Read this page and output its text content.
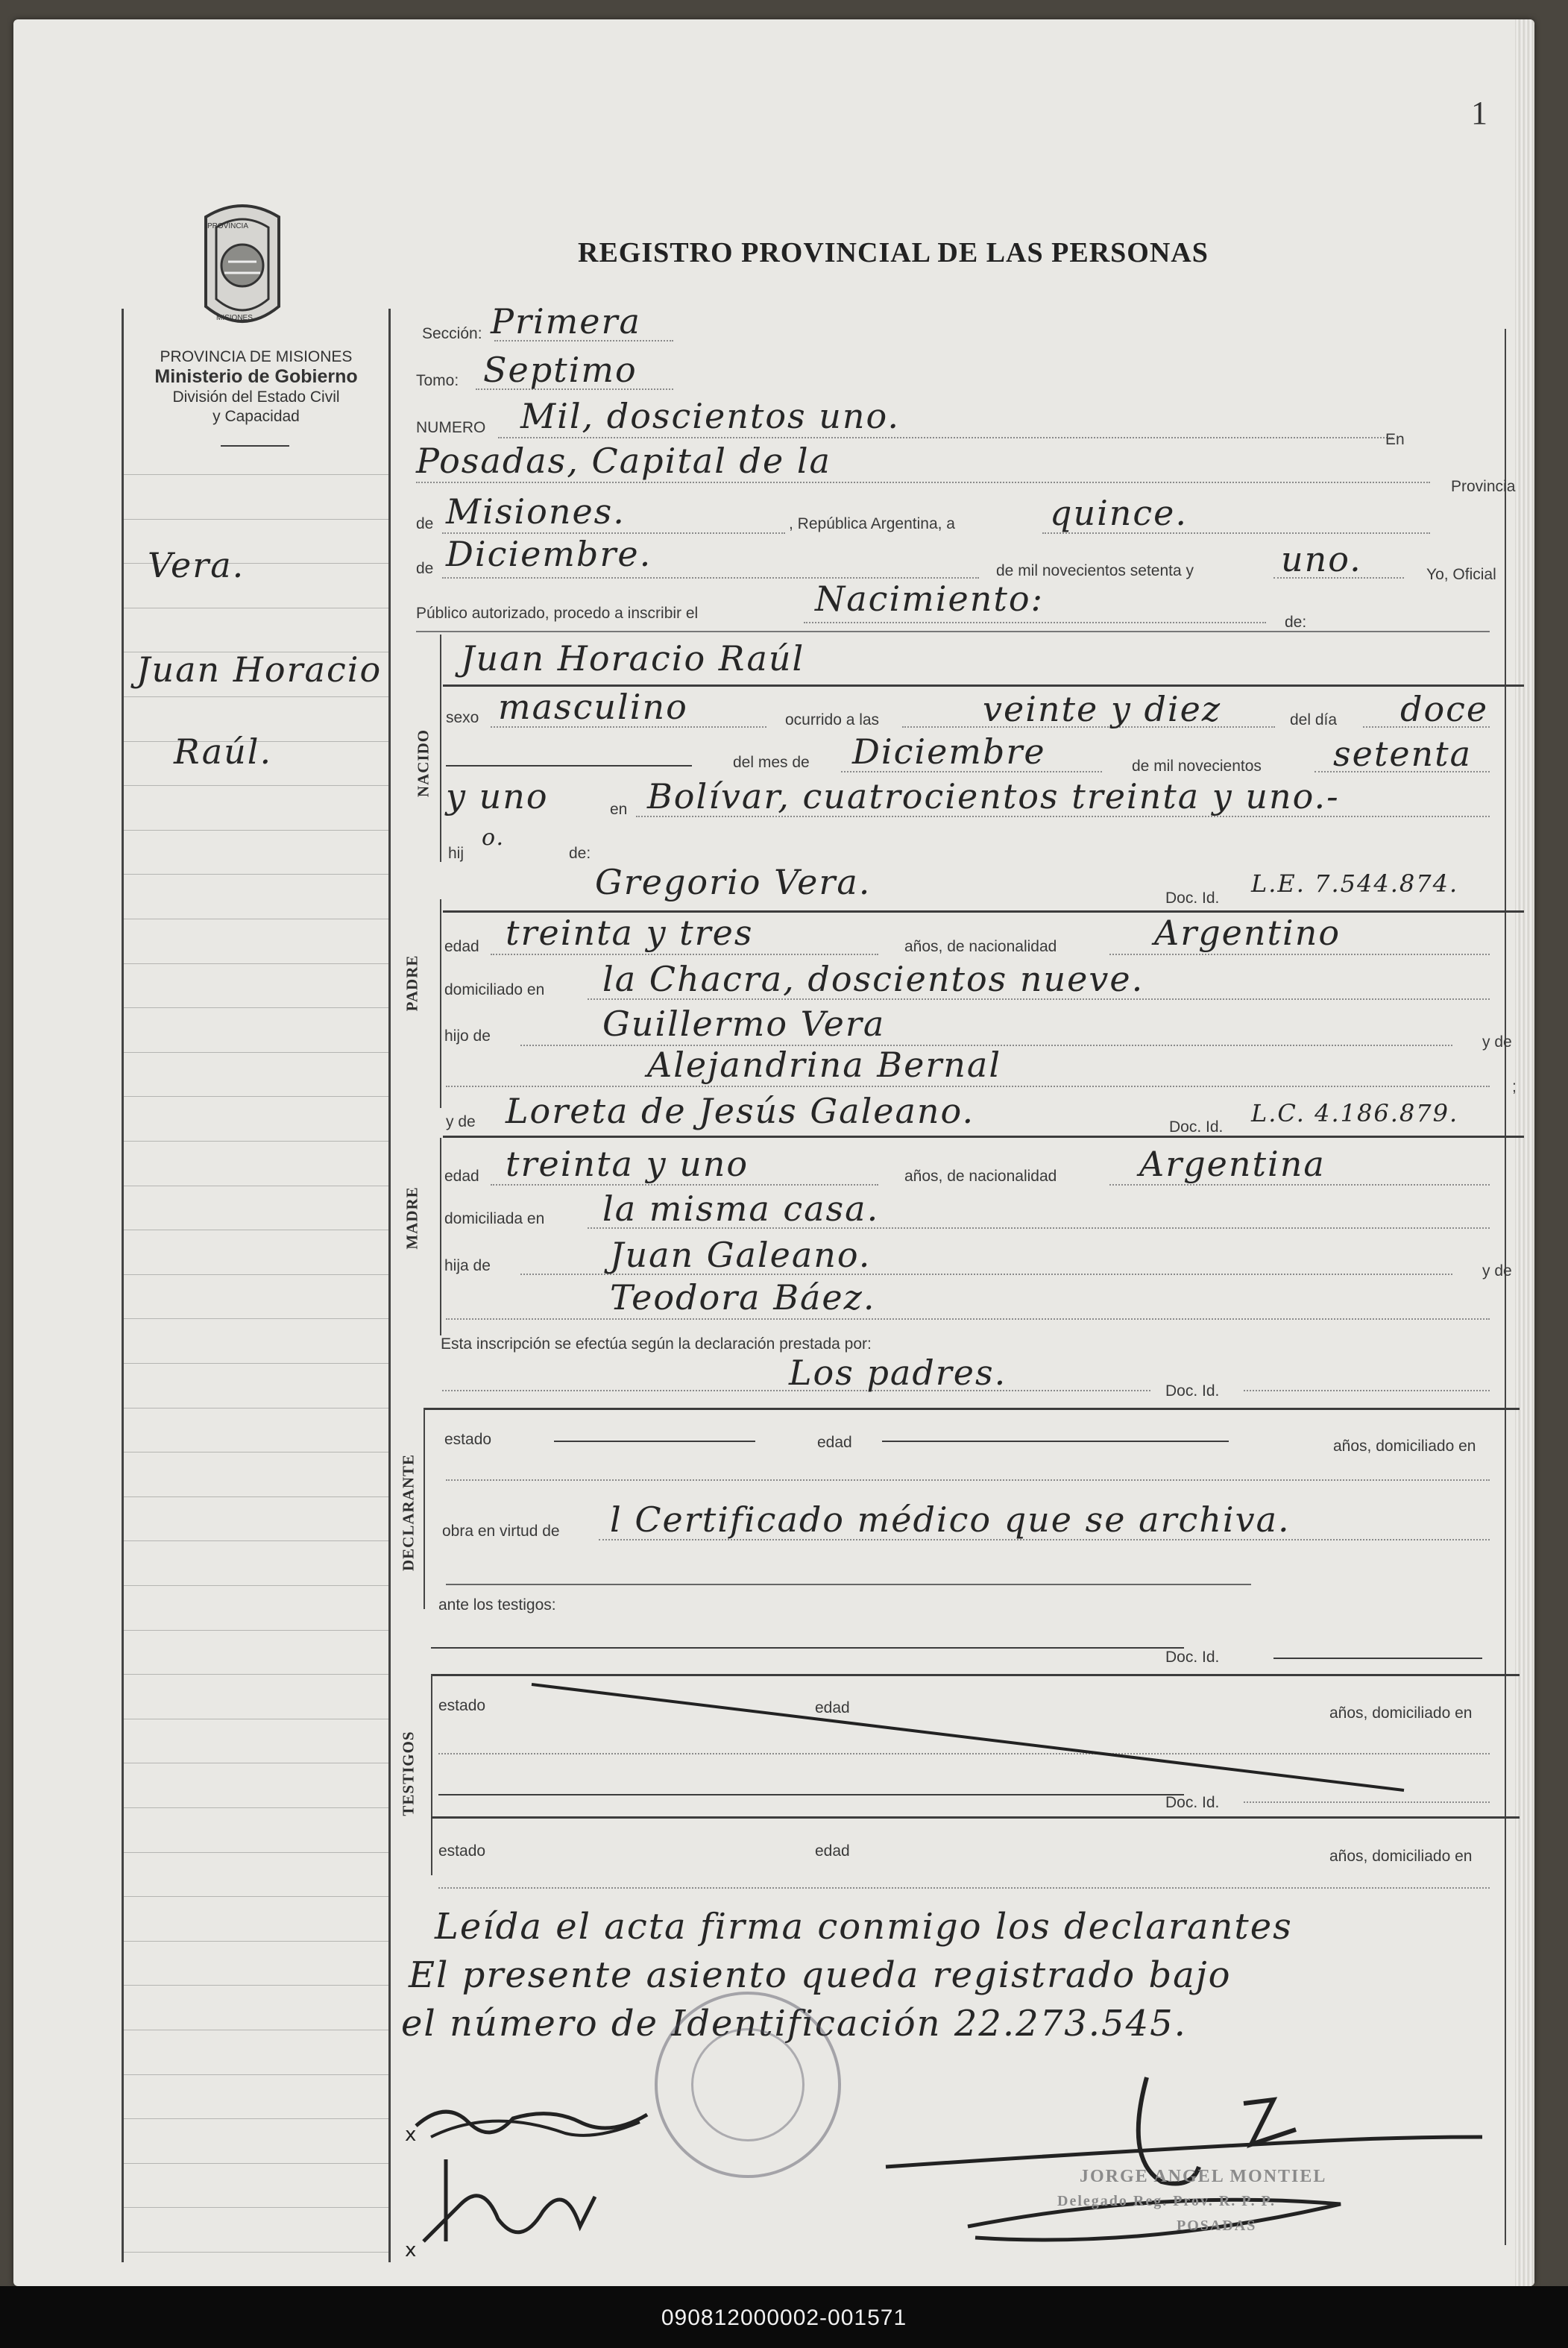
1
PROVINCIA
MISIONES
REGISTRO PROVINCIAL DE LAS PERSONAS
PROVINCIA DE MISIONES
Ministerio de Gobierno
División del Estado Civil
y Capacidad
Vera.
Juan Horacio
Raúl.
Sección: Primera
Tomo: Septimo
NUMERO Mil, doscientos uno.
En
Posadas, Capital de la
Provincia
de Misiones.	, República Argentina, a	quince.
de Diciembre.	de mil novecientos setenta y	uno.	Yo, Oficial
Público autorizado, procedo a inscribir el	Nacimiento:
de:
NACIDO
Juan Horacio Raúl
sexo masculino	ocurrido a las	veinte y diez	del día doce
del mes de Diciembre	de mil novecientos setenta
y uno	en Bolívar, cuatrocientos treinta y uno.-
hij
o.
de:
PADRE
Gregorio Vera.	Doc. Id.
L.E. 7.544.874.
edad treinta y tres	años, de nacionalidad	Argentino
domiciliado en la Chacra, doscientos nueve.
hijo de	Guillermo Vera	y de
Alejandrina Bernal
;
y de Loreta de Jesús Galeano.	Doc. Id. L.C. 4.186.879.
MADRE
edad treinta y uno	años, de nacionalidad Argentina
domiciliada en la misma casa.
hija de	Juan Galeano.	y de
Teodora Báez.
Esta inscripción se efectúa según la declaración prestada por:
Los padres.	Doc. Id.
DECLARANTE
estado	edad	años, domiciliado en
obra en virtud de l Certificado médico que se archiva.
ante los testigos:
Doc. Id.
TESTIGOS
estado	edad	años, domiciliado en
Doc. Id.
estado	edad	años, domiciliado en
Leída el acta firma conmigo los declarantes
El presente asiento queda registrado bajo
el número de Identificación 22.273.545.
x
x
JORGE ANGEL MONTIEL
Delegado Reg. Prov. R. P. P.
POSADAS
090812000002-001571
